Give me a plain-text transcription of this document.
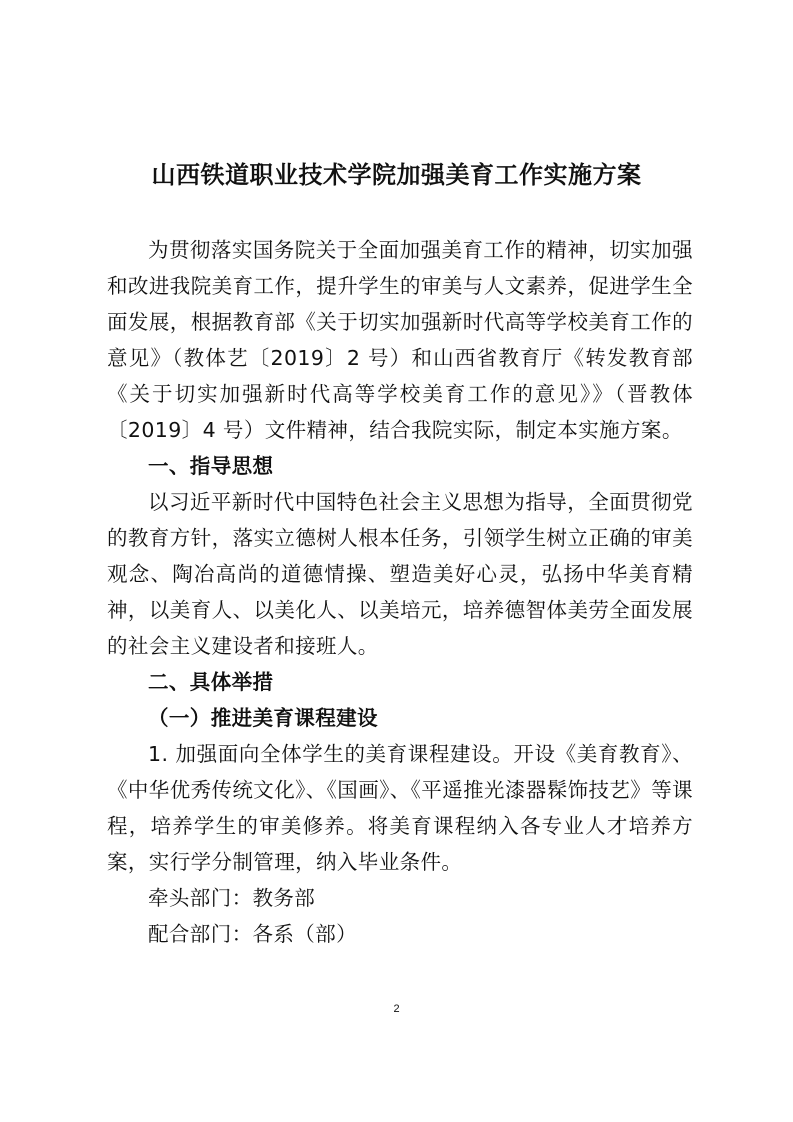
山西铁道职业技术学院加强美育工作实施方案

为贯彻落实国务院关于全面加强美育工作的精神，切实加强和改进我院美育工作，提升学生的审美与人文素养，促进学生全面发展，根据教育部《关于切实加强新时代高等学校美育工作的意见》（教体艺〔2019〕2 号）和山西省教育厅《转发教育部《关于切实加强新时代高等学校美育工作的意见》》（晋教体〔2019〕4 号）文件精神，结合我院实际，制定本实施方案。

一、指导思想

以习近平新时代中国特色社会主义思想为指导，全面贯彻党的教育方针，落实立德树人根本任务，引领学生树立正确的审美观念、陶冶高尚的道德情操、塑造美好心灵，弘扬中华美育精神，以美育人、以美化人、以美培元，培养德智体美劳全面发展的社会主义建设者和接班人。

二、具体举措

（一）推进美育课程建设

1. 加强面向全体学生的美育课程建设。开设《美育教育》、《中华优秀传统文化》、《国画》、《平遥推光漆器髹饰技艺》等课程，培养学生的审美修养。将美育课程纳入各专业人才培养方案，实行学分制管理，纳入毕业条件。

牵头部门：教务部

配合部门：各系（部）

2
